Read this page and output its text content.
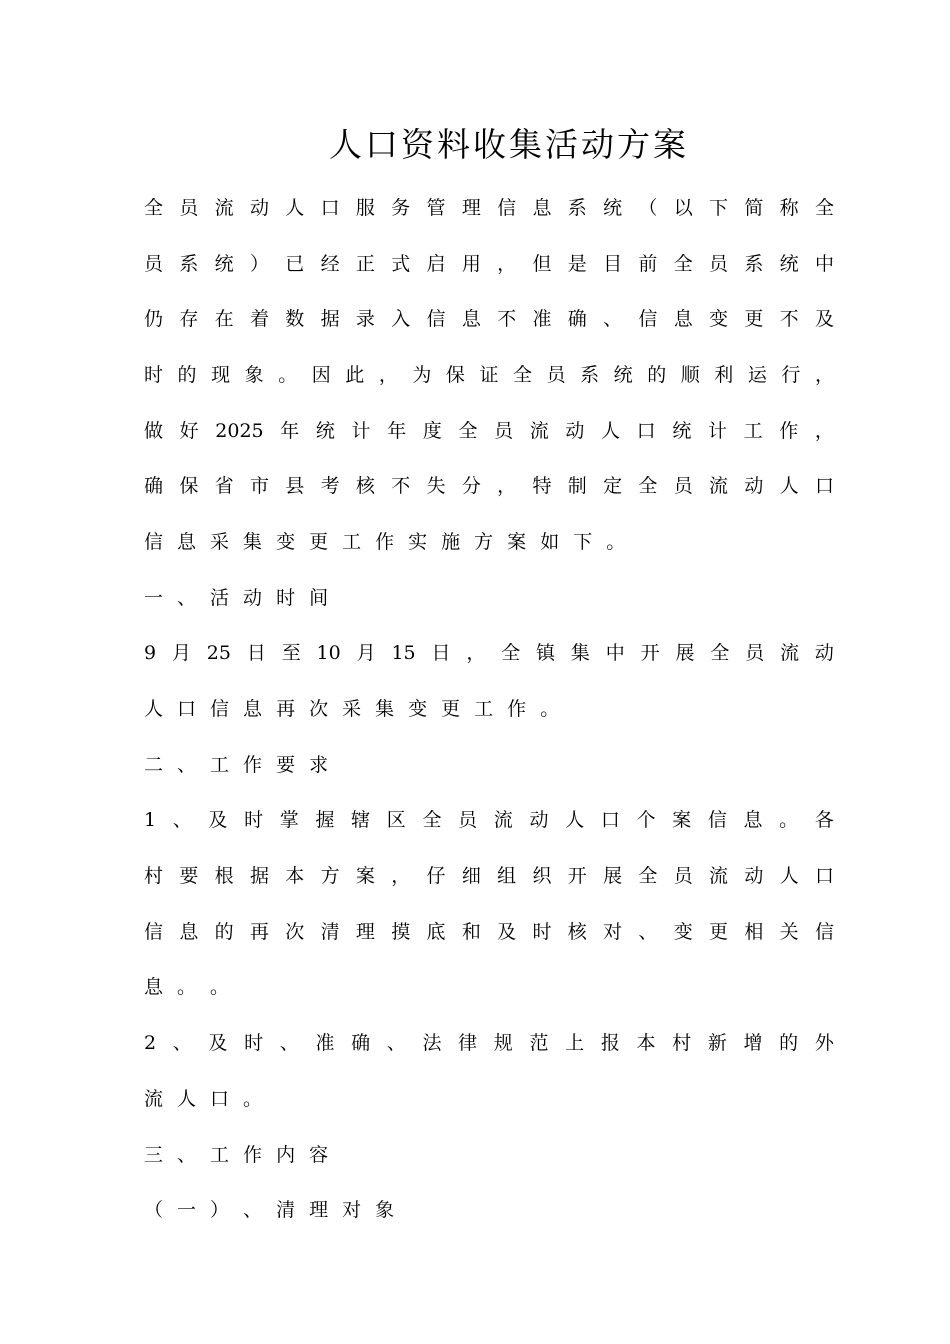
人口资料收集活动方案
全 员 流 动 人 口 服 务 管 理 信 息 系 统 （ 以 下 简 称 全
员 系 统 ） 已 经 正 式 启 用 ， 但 是 目 前 全 员 系 统 中
仍 存 在 着 数 据 录 入 信 息 不 准 确 、 信 息 变 更 不 及
时 的 现 象 。 因 此 ， 为 保 证 全 员 系 统 的 顺 利 运 行 ，
做 好 2025 年 统 计 年 度 全 员 流 动 人 口 统 计 工 作 ，
确 保 省 市 县 考 核 不 失 分 ， 特 制 定 全 员 流 动 人 口
信 息 采 集 变 更 工 作 实 施 方 案 如 下 。
一 、 活 动 时 间
9 月 25 日 至 10 月 15 日 ， 全 镇 集 中 开 展 全 员 流 动
人 口 信 息 再 次 采 集 变 更 工 作 。
二 、 工 作 要 求
1 、 及 时 掌 握 辖 区 全 员 流 动 人 口 个 案 信 息 。 各
村 要 根 据 本 方 案 ， 仔 细 组 织 开 展 全 员 流 动 人 口
信 息 的 再 次 清 理 摸 底 和 及 时 核 对 、 变 更 相 关 信
息 。 。
2 、 及 时 、 准 确 、 法 律 规 范 上 报 本 村 新 增 的 外
流 人 口 。
三 、 工 作 内 容
（ 一 ） 、 清 理 对 象
